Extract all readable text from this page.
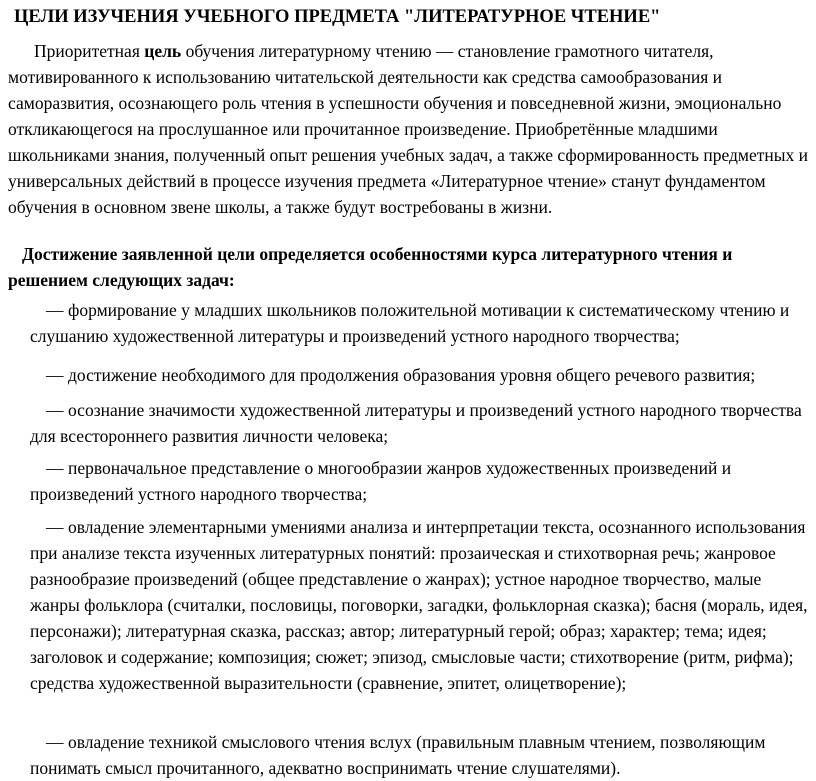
ЦЕЛИ ИЗУЧЕНИЯ УЧЕБНОГО ПРЕДМЕТА "ЛИТЕРАТУРНОЕ ЧТЕНИЕ"

Приоритетная цель обучения литературному чтению — становление грамотного читателя, мотивированного к использованию читательской деятельности как средства самообразования и саморазвития, осознающего роль чтения в успешности обучения и повседневной жизни, эмоционально откликающегося на прослушанное или прочитанное произведение. Приобретённые младшими школьниками знания, полученный опыт решения учебных задач, а также сформированность предметных и универсальных действий в процессе изучения предмета «Литературное чтение» станут фундаментом обучения в основном звене школы, а также будут востребованы в жизни.

Достижение заявленной цели определяется особенностями курса литературного чтения и решением следующих задач:

— формирование у младших школьников положительной мотивации к систематическому чтению и слушанию художественной литературы и произведений устного народного творчества;

— достижение необходимого для продолжения образования уровня общего речевого развития;

— осознание значимости художественной литературы и произведений устного народного творчества для всестороннего развития личности человека;

— первоначальное представление о многообразии жанров художественных произведений и произведений устного народного творчества;

— овладение элементарными умениями анализа и интерпретации текста, осознанного использования при анализе текста изученных литературных понятий: прозаическая и стихотворная речь; жанровое разнообразие произведений (общее представление о жанрах); устное народное творчество, малые жанры фольклора (считалки, пословицы, поговорки, загадки, фольклорная сказка); басня (мораль, идея, персонажи); литературная сказка, рассказ; автор; литературный герой; образ; характер; тема; идея; заголовок и содержание; композиция; сюжет; эпизод, смысловые части; стихотворение (ритм, рифма); средства художественной выразительности (сравнение, эпитет, олицетворение);

— овладение техникой смыслового чтения вслух (правильным плавным чтением, позволяющим понимать смысл прочитанного, адекватно воспринимать чтение слушателями).
